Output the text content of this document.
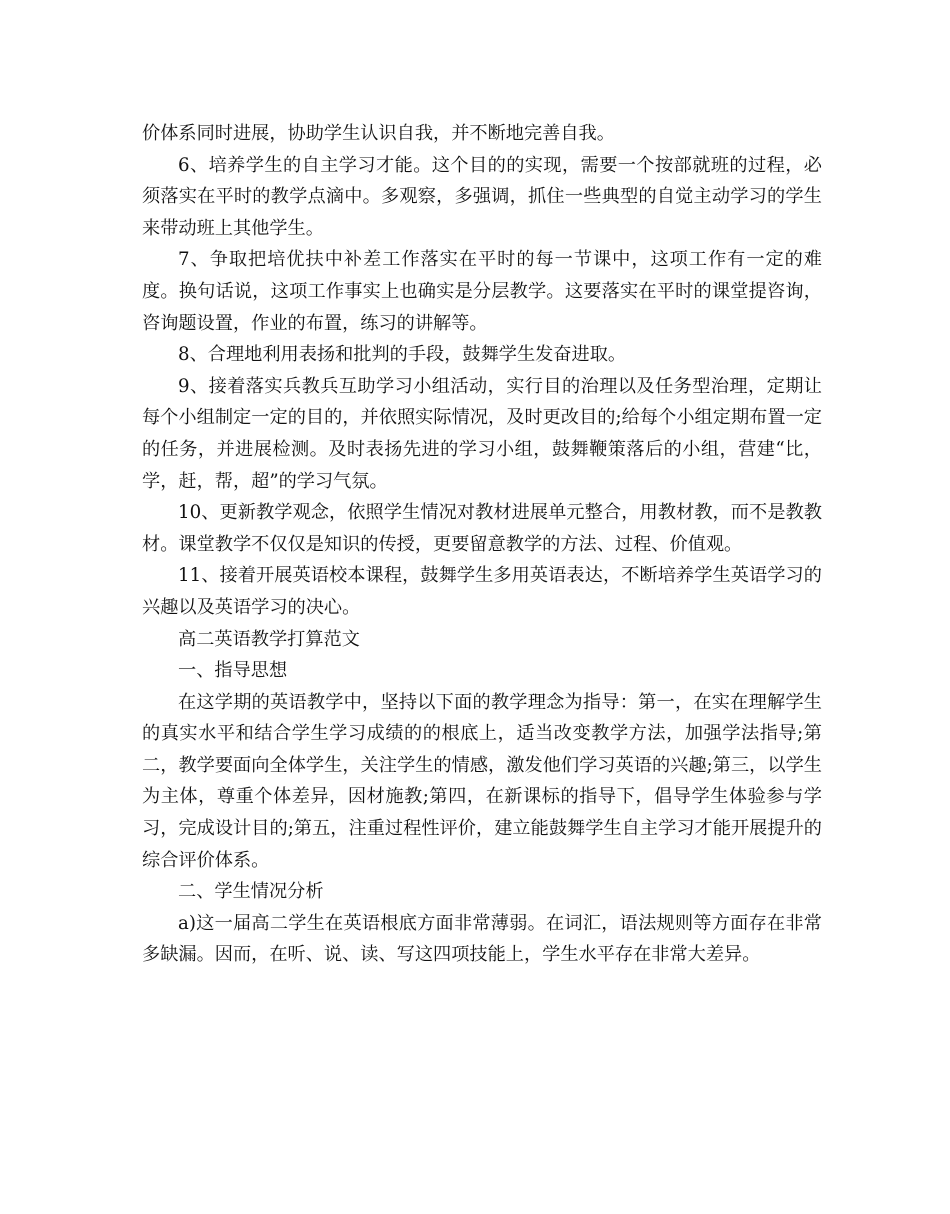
价体系同时进展，协助学生认识自我，并不断地完善自我。

6、培养学生的自主学习才能。这个目的的实现，需要一个按部就班的过程，必须落实在平时的教学点滴中。多观察，多强调，抓住一些典型的自觉主动学习的学生来带动班上其他学生。

7、争取把培优扶中补差工作落实在平时的每一节课中，这项工作有一定的难度。换句话说，这项工作事实上也确实是分层教学。这要落实在平时的课堂提咨询，咨询题设置，作业的布置，练习的讲解等。

8、合理地利用表扬和批判的手段，鼓舞学生发奋进取。

9、接着落实兵教兵互助学习小组活动，实行目的治理以及任务型治理，定期让每个小组制定一定的目的，并依照实际情况，及时更改目的;给每个小组定期布置一定的任务，并进展检测。及时表扬先进的学习小组，鼓舞鞭策落后的小组，营建“比，学，赶，帮，超”的学习气氛。

10、更新教学观念，依照学生情况对教材进展单元整合，用教材教，而不是教教材。课堂教学不仅仅是知识的传授，更要留意教学的方法、过程、价值观。

11、接着开展英语校本课程，鼓舞学生多用英语表达，不断培养学生英语学习的兴趣以及英语学习的决心。

高二英语教学打算范文

一、指导思想

在这学期的英语教学中，坚持以下面的教学理念为指导：第一，在实在理解学生的真实水平和结合学生学习成绩的的根底上，适当改变教学方法，加强学法指导;第二，教学要面向全体学生，关注学生的情感，激发他们学习英语的兴趣;第三，以学生为主体，尊重个体差异，因材施教;第四，在新课标的指导下，倡导学生体验参与学习，完成设计目的;第五，注重过程性评价，建立能鼓舞学生自主学习才能开展提升的综合评价体系。

二、学生情况分析

a)这一届高二学生在英语根底方面非常薄弱。在词汇，语法规则等方面存在非常多缺漏。因而，在听、说、读、写这四项技能上，学生水平存在非常大差异。
